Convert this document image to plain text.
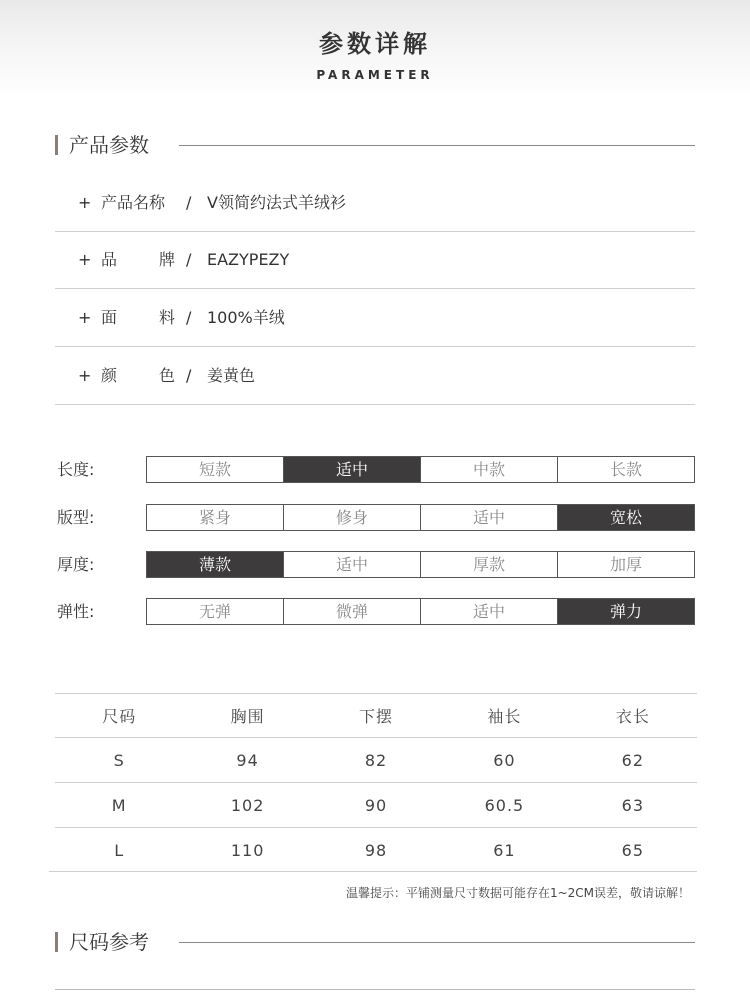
参数详解
PARAMETER
产品参数
+ 产品名称	/ V领简约法式羊绒衫
+ 品	牌 / EAZYPEZY
+ 面	料 / 100%羊绒
+ 颜	色 / 姜黄色
长度:	短款	适中	中款	长款
版型:	紧身	修身	适中	宽松
厚度:	薄款	适中	厚款	加厚
弹性:	无弹	微弹	适中	弹力
尺码	胸围	下摆	袖长	衣长
S	94	82	60	62
M	102	90	60.5	63
L	110	98	61	65
温馨提示：平铺测量尺寸数据可能存在1~2CM误差，敬请谅解！
尺码参考
